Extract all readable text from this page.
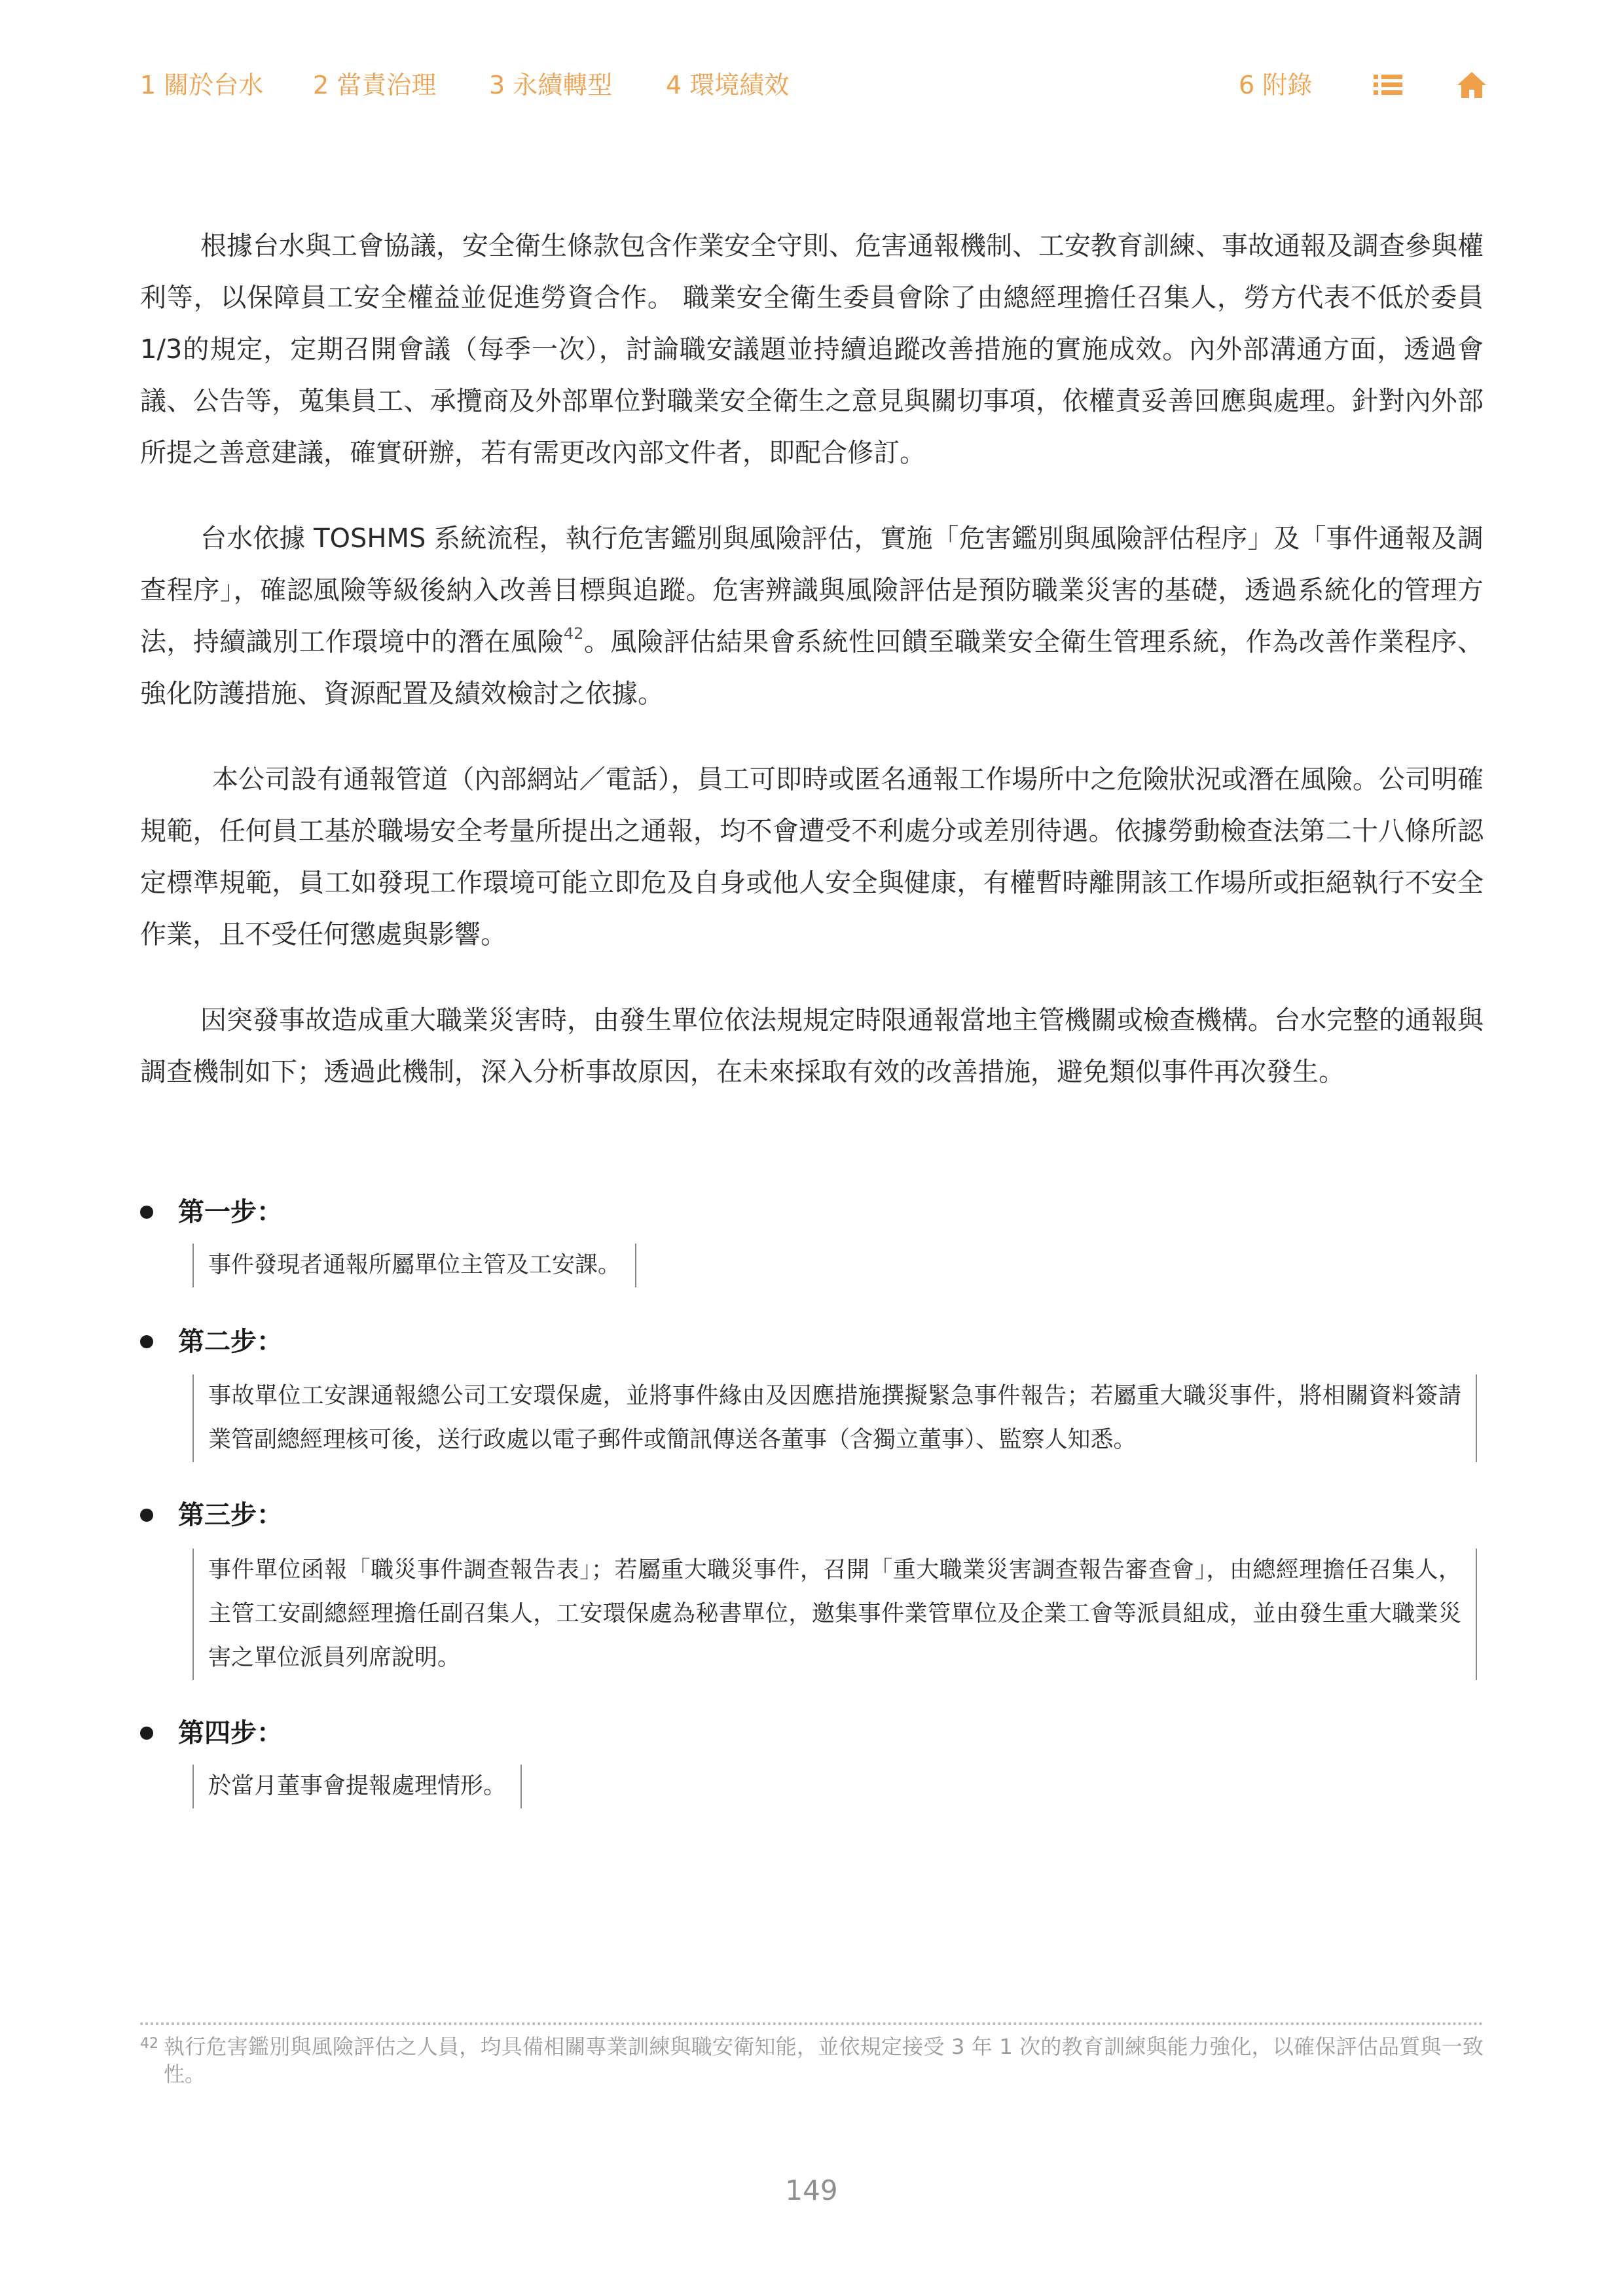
1 關於台水 2 當責治理 3 永續轉型 4 環境績效	6 附錄

根據台水與工會協議，安全衛生條款包含作業安全守則、危害通報機制、工安教育訓練、事故通報及調查參與權利等，以保障員工安全權益並促進勞資合作。 職業安全衛生委員會除了由總經理擔任召集人，勞方代表不低於委員1/3的規定，定期召開會議（每季一次），討論職安議題並持續追蹤改善措施的實施成效。內外部溝通方面，透過會議、公告等，蒐集員工、承攬商及外部單位對職業安全衛生之意見與關切事項，依權責妥善回應與處理。針對內外部所提之善意建議，確實研辦，若有需更改內部文件者，即配合修訂。

台水依據 TOSHMS 系統流程，執行危害鑑別與風險評估，實施「危害鑑別與風險評估程序」及「事件通報及調查程序」，確認風險等級後納入改善目標與追蹤。危害辨識與風險評估是預防職業災害的基礎，透過系統化的管理方法，持續識別工作環境中的潛在風險$^{42}$。風險評估結果會系統性回饋至職業安全衛生管理系統，作為改善作業程序、強化防護措施、資源配置及績效檢討之依據。

本公司設有通報管道（內部網站／電話），員工可即時或匿名通報工作場所中之危險狀況或潛在風險。公司明確規範，任何員工基於職場安全考量所提出之通報，均不會遭受不利處分或差別待遇。依據勞動檢查法第二十八條所認定標準規範，員工如發現工作環境可能立即危及自身或他人安全與健康，有權暫時離開該工作場所或拒絕執行不安全作業，且不受任何懲處與影響。

因突發事故造成重大職業災害時，由發生單位依法規規定時限通報當地主管機關或檢查機構。台水完整的通報與調查機制如下；透過此機制，深入分析事故原因，在未來採取有效的改善措施，避免類似事件再次發生。

第一步：
事件發現者通報所屬單位主管及工安課。
第二步：
事故單位工安課通報總公司工安環保處，並將事件緣由及因應措施撰擬緊急事件報告；若屬重大職災事件，將相關資料簽請業管副總經理核可後，送行政處以電子郵件或簡訊傳送各董事（含獨立董事）、監察人知悉。
第三步：
事件單位函報「職災事件調查報告表」；若屬重大職災事件，召開「重大職業災害調查報告審查會」，由總經理擔任召集人，主管工安副總經理擔任副召集人，工安環保處為秘書單位，邀集事件業管單位及企業工會等派員組成，並由發生重大職業災害之單位派員列席說明。
第四步：
於當月董事會提報處理情形。

42 執行危害鑑別與風險評估之人員，均具備相關專業訓練與職安衛知能，並依規定接受 3 年 1 次的教育訓練與能力強化，以確保評估品質與一致性。

149
